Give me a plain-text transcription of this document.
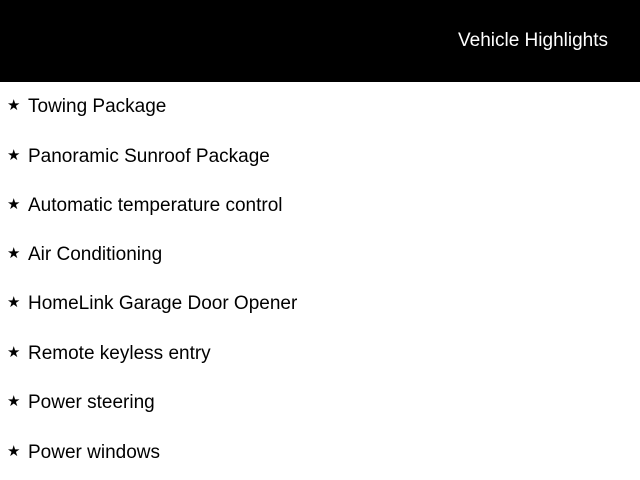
Vehicle Highlights
★ Towing Package
★ Panoramic Sunroof Package
★ Automatic temperature control
★ Air Conditioning
★ HomeLink Garage Door Opener
★ Remote keyless entry
★ Power steering
★ Power windows
